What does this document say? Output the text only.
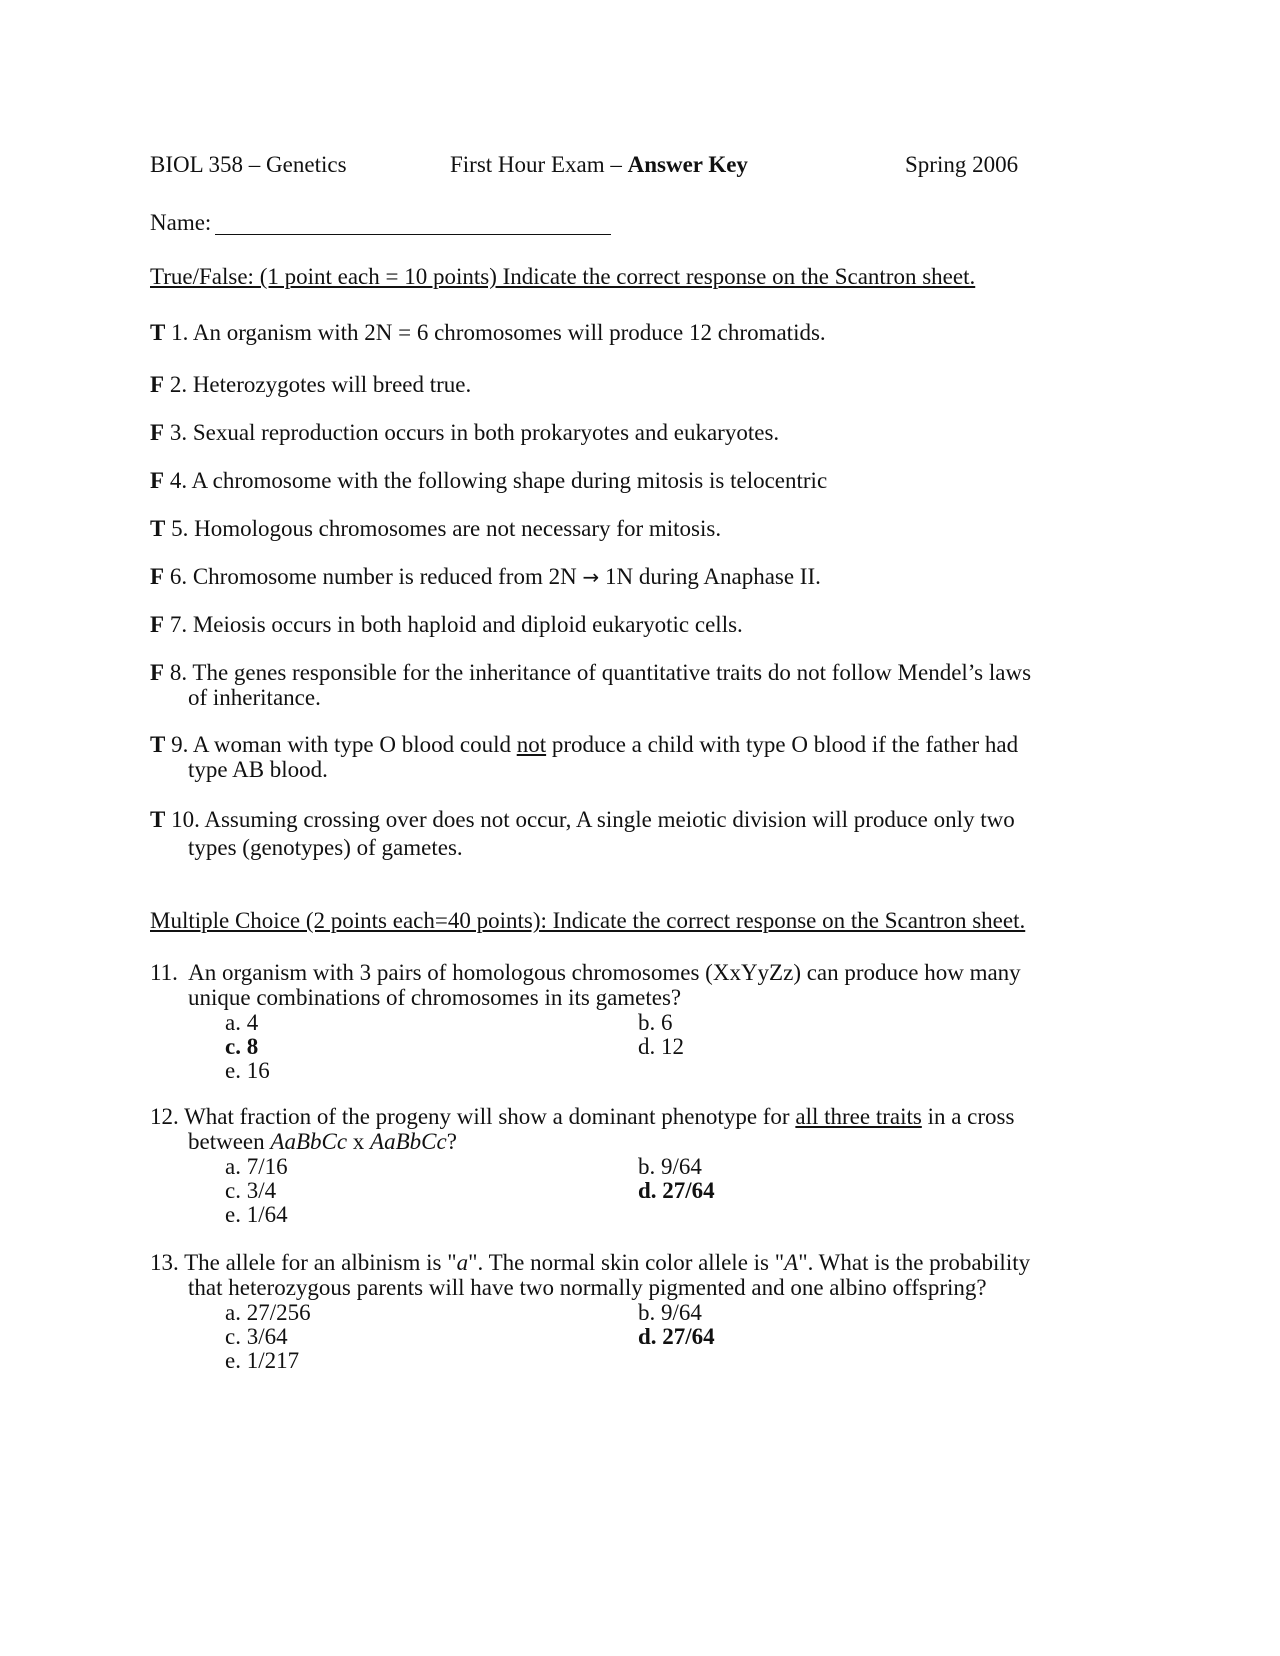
BIOL 358 – Genetics	First Hour Exam – Answer Key	Spring 2006
Name:
True/False: (1 point each = 10 points) Indicate the correct response on the Scantron sheet.
T 1. An organism with 2N = 6 chromosomes will produce 12 chromatids.
F 2. Heterozygotes will breed true.
F 3. Sexual reproduction occurs in both prokaryotes and eukaryotes.
F 4. A chromosome with the following shape during mitosis is telocentric
T 5. Homologous chromosomes are not necessary for mitosis.
F 6. Chromosome number is reduced from 2N → 1N during Anaphase II.
F 7. Meiosis occurs in both haploid and diploid eukaryotic cells.
F 8. The genes responsible for the inheritance of quantitative traits do not follow Mendel’s laws
of inheritance.
T 9. A woman with type O blood could not produce a child with type O blood if the father had
type AB blood.
T 10. Assuming crossing over does not occur, A single meiotic division will produce only two
types (genotypes) of gametes.
Multiple Choice (2 points each=40 points): Indicate the correct response on the Scantron sheet.
11. An organism with 3 pairs of homologous chromosomes (XxYyZz) can produce how many
unique combinations of chromosomes in its gametes?
a. 4	b. 6
c. 8	d. 12
e. 16
12. What fraction of the progeny will show a dominant phenotype for all three traits in a cross
between AaBbCc x AaBbCc?
a. 7/16	b. 9/64
c. 3/4	d. 27/64
e. 1/64
13. The allele for an albinism is "a". The normal skin color allele is "A". What is the probability
that heterozygous parents will have two normally pigmented and one albino offspring?
a. 27/256	b. 9/64
c. 3/64	d. 27/64
e. 1/217
